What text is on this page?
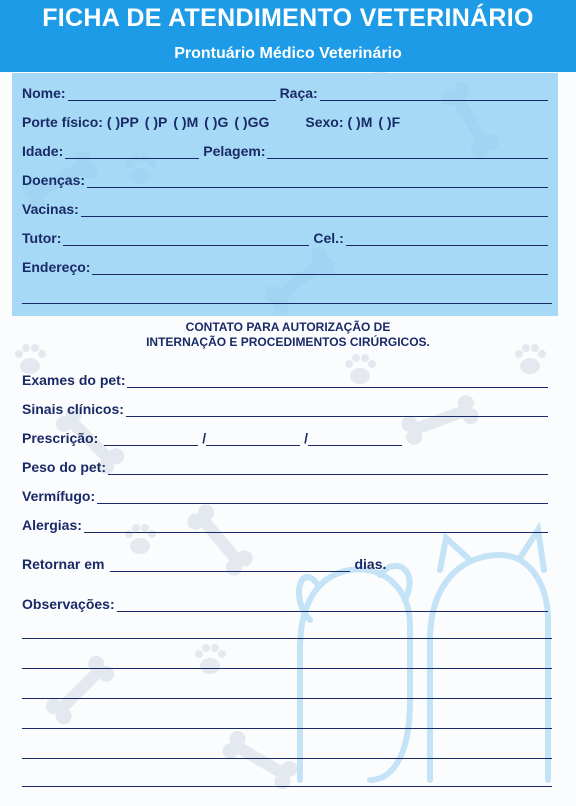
FICHA DE ATENDIMENTO VETERINÁRIO
Prontuário Médico Veterinário
Nome:	Raça:
Porte físico: ( )PP ( )P ( )M ( )G ( )GG	Sexo: ( )M ( )F
Idade:	Pelagem:
Doenças:
Vacinas:
Tutor:	Cel.:
Endereço:
CONTATO PARA AUTORIZAÇÃO DE
INTERNAÇÃO E PROCEDIMENTOS CIRÚRGICOS.
Exames do pet:
Sinais clínicos:
Prescrição:	/	/
Peso do pet:
Vermífugo:
Alergias:
Retornar em	dias.
Observações:
